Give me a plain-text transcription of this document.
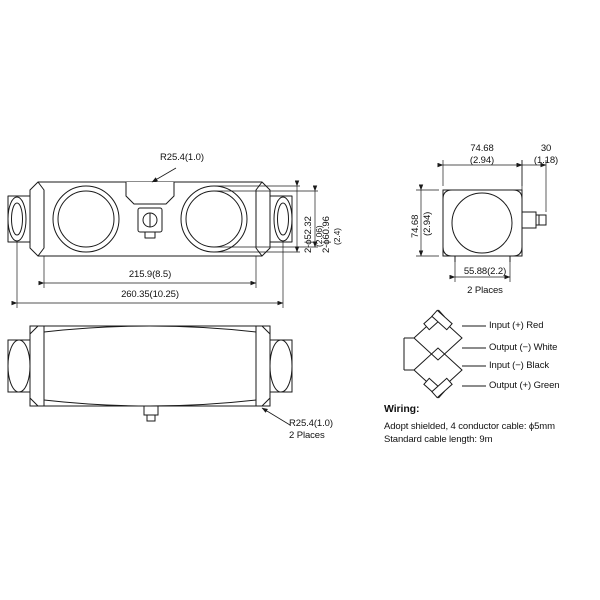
R25.4(1.0)
2-ϕ52.32 (2.06)
2-ϕ60.96 (2.4)
215.9(8.5)
260.35(10.25)
R25.4(1.0)
2 Places
74.68
(2.94)
30
(1.18)
74.68 (2.94)
55.88(2.2)
2 Places
Input (+) Red
Output (−) White
Input (−) Black
Output (+) Green
Wiring:
Adopt shielded, 4 conductor cable: ϕ5mm
Standard cable length: 9m
